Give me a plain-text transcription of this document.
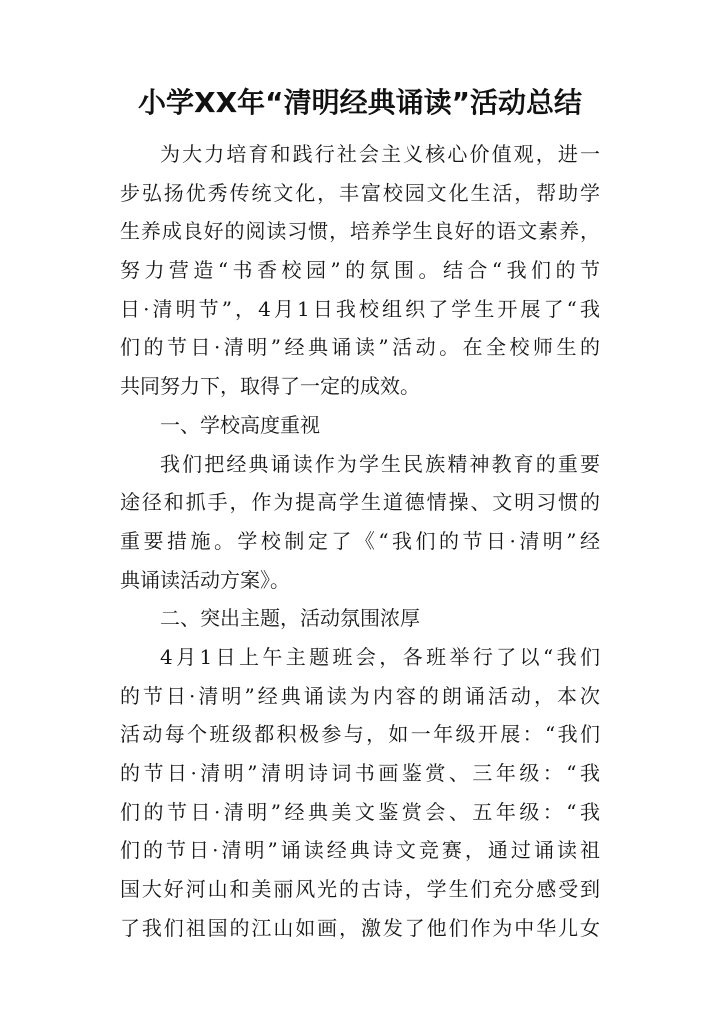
小学XX年“清明经典诵读”活动总结
为大力培育和践行社会主义核心价值观，进一
步弘扬优秀传统文化，丰富校园文化生活，帮助学
生养成良好的阅读习惯，培养学生良好的语文素养，
努力营造“书香校园”的氛围。结合“我们的节
日·清明节”，4月1日我校组织了学生开展了“我
们的节日·清明”经典诵读”活动。在全校师生的
共同努力下，取得了一定的成效。
一、学校高度重视
我们把经典诵读作为学生民族精神教育的重要
途径和抓手，作为提高学生道德情操、文明习惯的
重要措施。学校制定了《“我们的节日·清明”经
典诵读活动方案》。
二、突出主题，活动氛围浓厚
4月1日上午主题班会，各班举行了以“我们
的节日·清明”经典诵读为内容的朗诵活动，本次
活动每个班级都积极参与，如一年级开展：“我们
的节日·清明”清明诗词书画鉴赏、三年级：“我
们的节日·清明”经典美文鉴赏会、五年级：“我
们的节日·清明”诵读经典诗文竞赛，通过诵读祖
国大好河山和美丽风光的古诗，学生们充分感受到
了我们祖国的江山如画，激发了他们作为中华儿女
